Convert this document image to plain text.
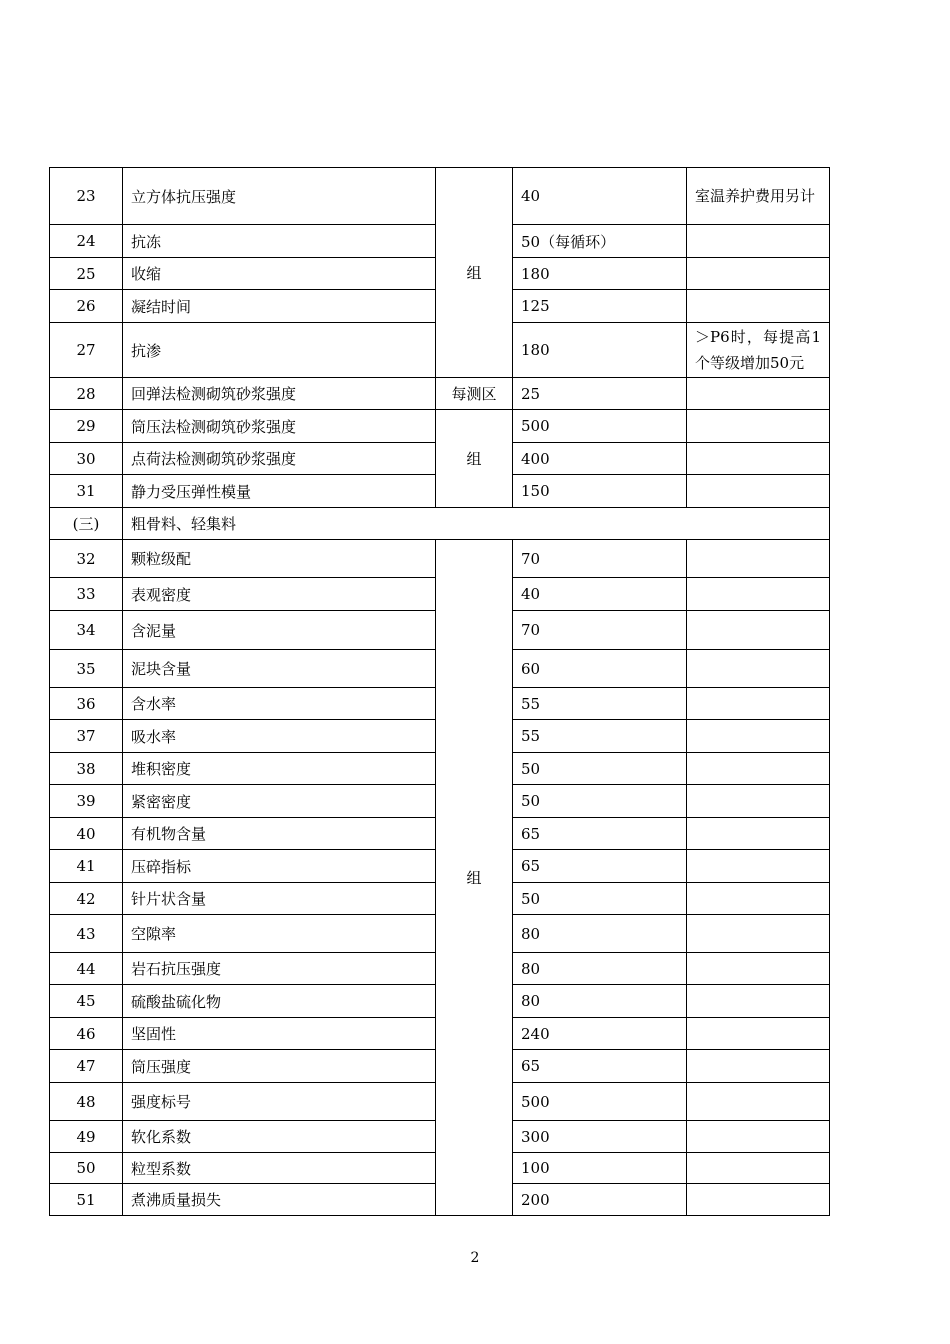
23	立方体抗压强度	组	40	室温养护费用另计
24	抗冻		50（每循环）	
25	收缩		180	
26	凝结时间		125	
27	抗渗		180	＞P6时，每提高1个等级增加50元
28	回弹法检测砌筑砂浆强度	每测区	25	
29	筒压法检测砌筑砂浆强度	组	500	
30	点荷法检测砌筑砂浆强度		400	
31	静力受压弹性模量		150	
(三)	粗骨料、轻集料			
32	颗粒级配	组	70	
33	表观密度		40	
34	含泥量		70	
35	泥块含量		60	
36	含水率		55	
37	吸水率		55	
38	堆积密度		50	
39	紧密密度		50	
40	有机物含量		65	
41	压碎指标		65	
42	针片状含量		50	
43	空隙率		80	
44	岩石抗压强度		80	
45	硫酸盐硫化物		80	
46	坚固性		240	
47	筒压强度		65	
48	强度标号		500	
49	软化系数		300	
50	粒型系数		100	
51	煮沸质量损失		200	
2
